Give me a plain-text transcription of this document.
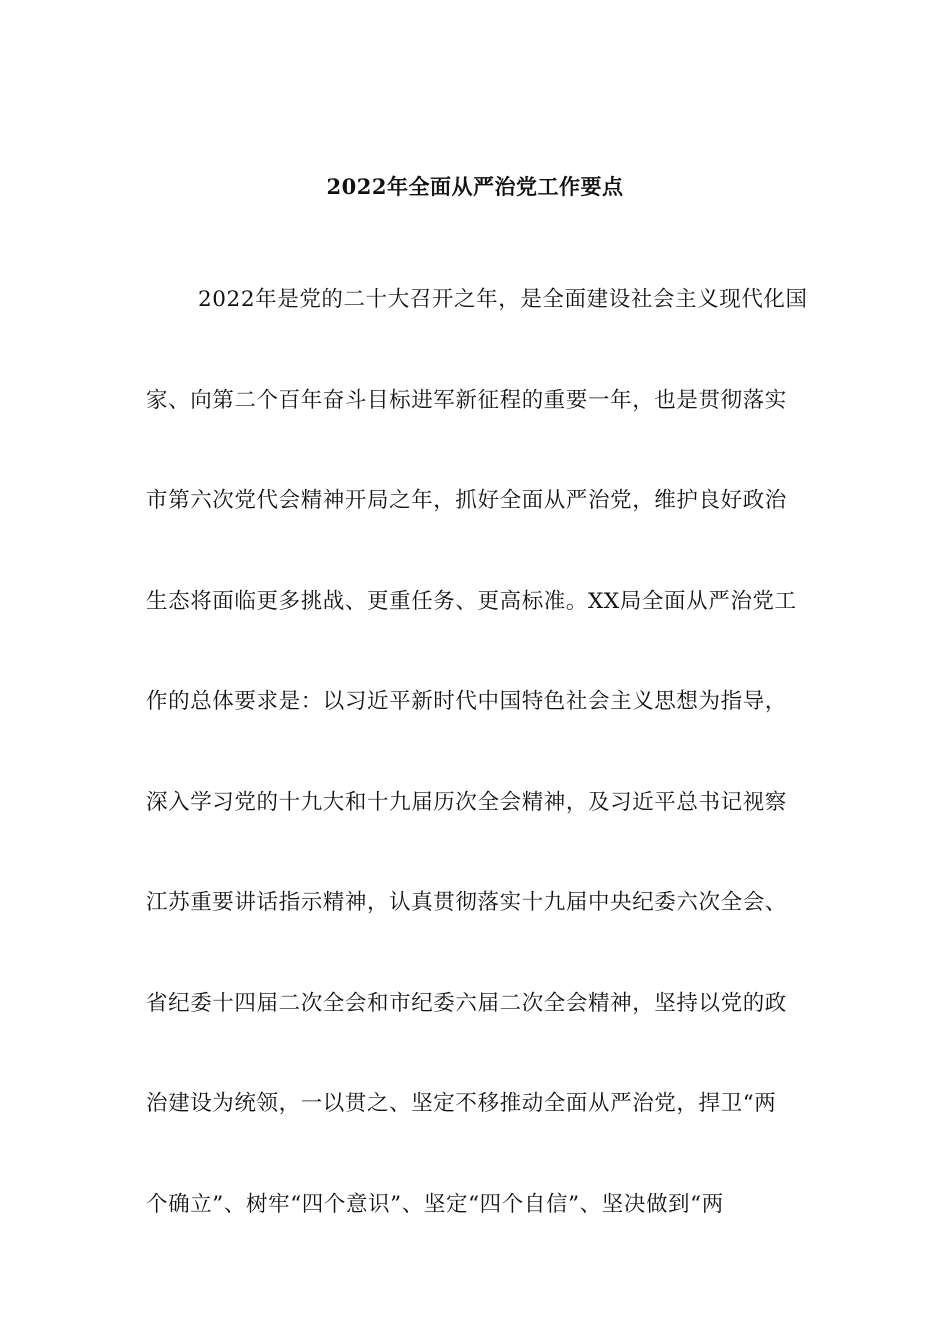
2022年全面从严治党工作要点
2022年是党的二十大召开之年，是全面建设社会主义现代化国
家、向第二个百年奋斗目标进军新征程的重要一年，也是贯彻落实
市第六次党代会精神开局之年，抓好全面从严治党，维护良好政治
生态将面临更多挑战、更重任务、更高标准。XX局全面从严治党工
作的总体要求是：以习近平新时代中国特色社会主义思想为指导，
深入学习党的十九大和十九届历次全会精神，及习近平总书记视察
江苏重要讲话指示精神，认真贯彻落实十九届中央纪委六次全会、
省纪委十四届二次全会和市纪委六届二次全会精神，坚持以党的政
治建设为统领，一以贯之、坚定不移推动全面从严治党，捍卫“两
个确立”、树牢“四个意识”、坚定“四个自信”、坚决做到“两
